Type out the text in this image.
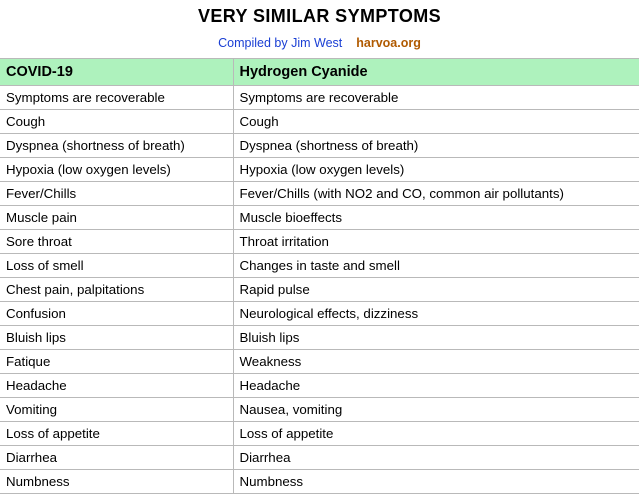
VERY SIMILAR SYMPTOMS
Compiled by Jim West harvoa.org
COVID-19	Hydrogen Cyanide
Symptoms are recoverable	Symptoms are recoverable
Cough	Cough
Dyspnea (shortness of breath)	Dyspnea (shortness of breath)
Hypoxia (low oxygen levels)	Hypoxia (low oxygen levels)
Fever/Chills	Fever/Chills (with NO2 and CO, common air pollutants)
Muscle pain	Muscle bioeffects
Sore throat	Throat irritation
Loss of smell	Changes in taste and smell
Chest pain, palpitations	Rapid pulse
Confusion	Neurological effects, dizziness
Bluish lips	Bluish lips
Fatique	Weakness
Headache	Headache
Vomiting	Nausea, vomiting
Loss of appetite	Loss of appetite
Diarrhea	Diarrhea
Numbness	Numbness
